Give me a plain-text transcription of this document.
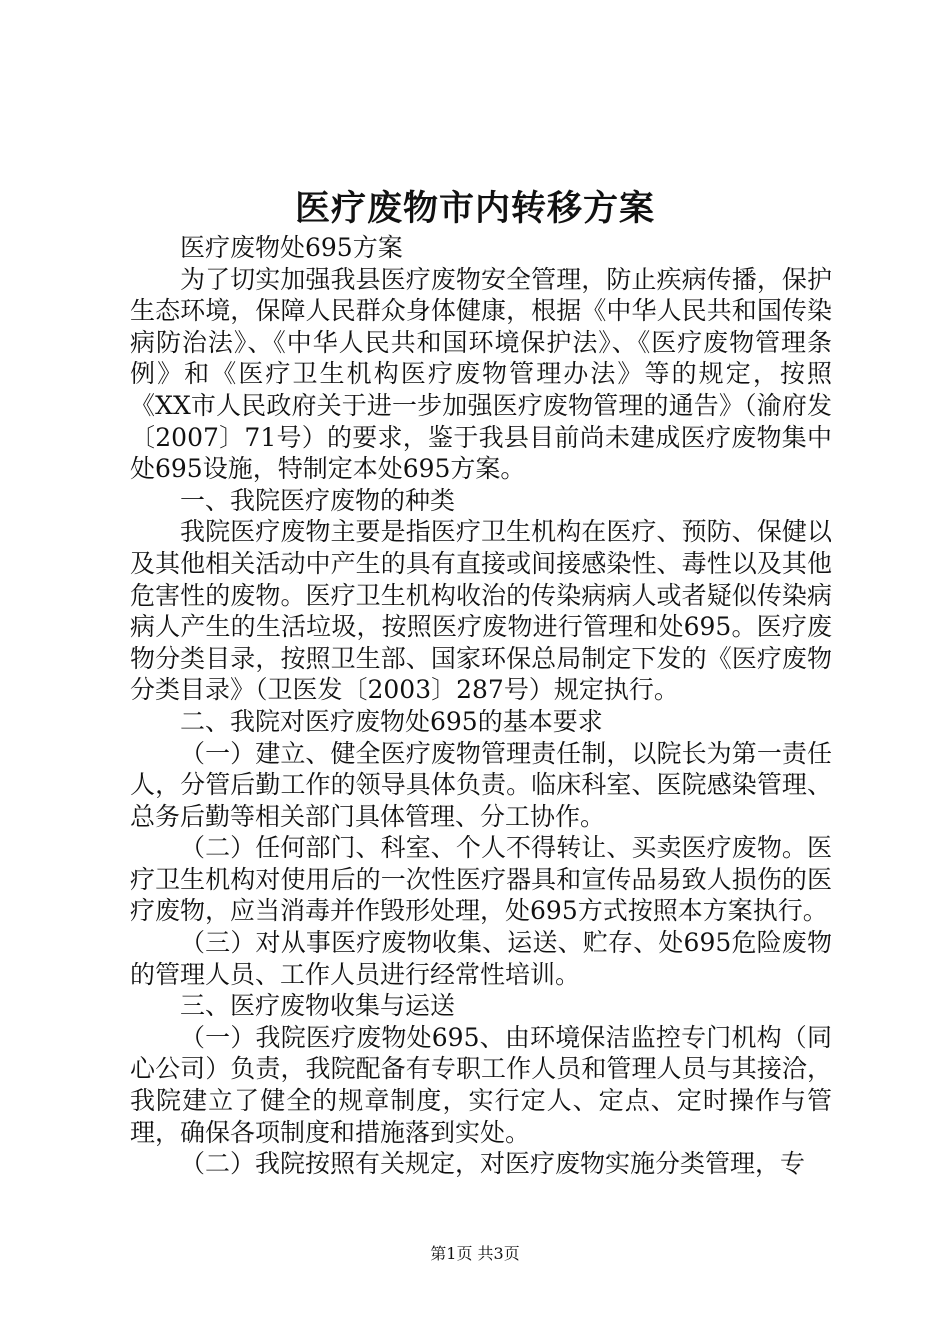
医疗废物市内转移方案

医疗废物处695方案

为了切实加强我县医疗废物安全管理，防止疾病传播，保护生态环境，保障人民群众身体健康，根据《中华人民共和国传染病防治法》、《中华人民共和国环境保护法》、《医疗废物管理条例》和《医疗卫生机构医疗废物管理办法》等的规定，按照《XX市人民政府关于进一步加强医疗废物管理的通告》（渝府发〔2007〕71号）的要求，鉴于我县目前尚未建成医疗废物集中处695设施，特制定本处695方案。

一、我院医疗废物的种类

我院医疗废物主要是指医疗卫生机构在医疗、预防、保健以及其他相关活动中产生的具有直接或间接感染性、毒性以及其他危害性的废物。医疗卫生机构收治的传染病病人或者疑似传染病病人产生的生活垃圾，按照医疗废物进行管理和处695。医疗废物分类目录，按照卫生部、国家环保总局制定下发的《医疗废物分类目录》（卫医发〔2003〕287号）规定执行。

二、我院对医疗废物处695的基本要求

（一）建立、健全医疗废物管理责任制，以院长为第一责任人，分管后勤工作的领导具体负责。临床科室、医院感染管理、总务后勤等相关部门具体管理、分工协作。

（二）任何部门、科室、个人不得转让、买卖医疗废物。医疗卫生机构对使用后的一次性医疗器具和宣传品易致人损伤的医疗废物，应当消毒并作毁形处理，处695方式按照本方案执行。

（三）对从事医疗废物收集、运送、贮存、处695危险废物的管理人员、工作人员进行经常性培训。

三、医疗废物收集与运送

（一）我院医疗废物处695、由环境保洁监控专门机构（同心公司）负责，我院配备有专职工作人员和管理人员与其接洽，我院建立了健全的规章制度，实行定人、定点、定时操作与管理，确保各项制度和措施落到实处。

（二）我院按照有关规定，对医疗废物实施分类管理，专

第1页 共3页
